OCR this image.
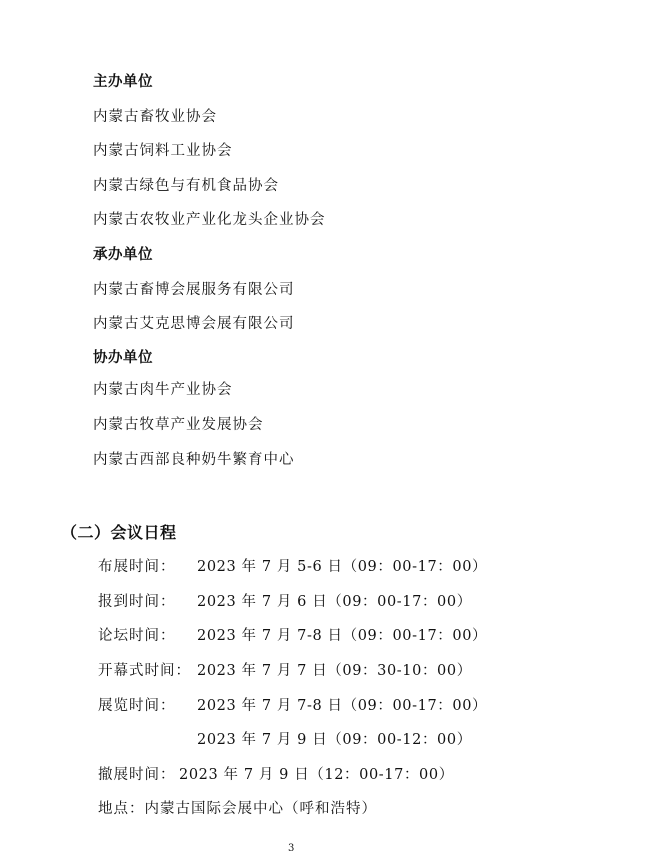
主办单位
内蒙古畜牧业协会
内蒙古饲料工业协会
内蒙古绿色与有机食品协会
内蒙古农牧业产业化龙头企业协会
承办单位
内蒙古畜博会展服务有限公司
内蒙古艾克思博会展有限公司
协办单位
内蒙古肉牛产业协会
内蒙古牧草产业发展协会
内蒙古西部良种奶牛繁育中心
（二）会议日程
布展时间： 2023 年 7 月 5-6 日（09：00-17：00）
报到时间： 2023 年 7 月 6 日（09：00-17：00）
论坛时间： 2023 年 7 月 7-8 日（09：00-17：00）
开幕式时间： 2023 年 7 月 7 日（09：30-10：00）
展览时间： 2023 年 7 月 7-8 日（09：00-17：00）
2023 年 7 月 9 日（09：00-12：00）
撤展时间： 2023 年 7 月 9 日（12：00-17：00）
地点：内蒙古国际会展中心（呼和浩特）
3
